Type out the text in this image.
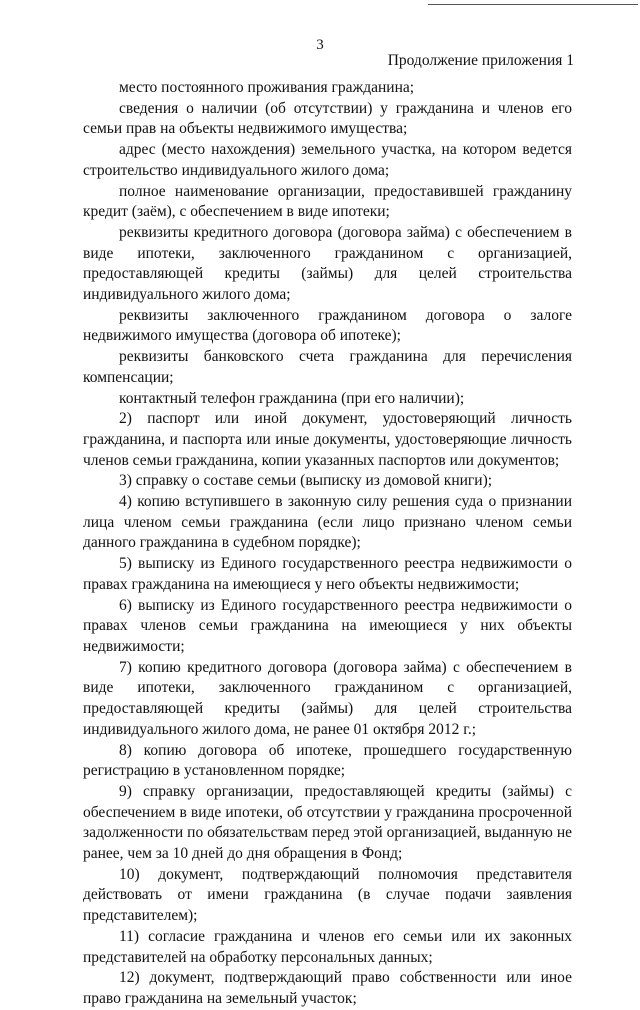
3
Продолжение приложения 1

место постоянного проживания гражданина;

сведения о наличии (об отсутствии) у гражданина и членов его семьи прав на объекты недвижимого имущества;

адрес (место нахождения) земельного участка, на котором ведется строительство индивидуального жилого дома;

полное наименование организации, предоставившей гражданину кредит (заём), с обеспечением в виде ипотеки;

реквизиты кредитного договора (договора займа) с обеспечением в виде ипотеки, заключенного гражданином с организацией, предоставляющей кредиты (займы) для целей строительства индивидуального жилого дома;

реквизиты заключенного гражданином договора о залоге недвижимого имущества (договора об ипотеке);

реквизиты банковского счета гражданина для перечисления компенсации;

контактный телефон гражданина (при его наличии);

2) паспорт или иной документ, удостоверяющий личность гражданина, и паспорта или иные документы, удостоверяющие личность членов семьи гражданина, копии указанных паспортов или документов;

3) справку о составе семьи (выписку из домовой книги);

4) копию вступившего в законную силу решения суда о признании лица членом семьи гражданина (если лицо признано членом семьи данного гражданина в судебном порядке);

5) выписку из Единого государственного реестра недвижимости о правах гражданина на имеющиеся у него объекты недвижимости;

6) выписку из Единого государственного реестра недвижимости о правах членов семьи гражданина на имеющиеся у них объекты недвижимости;

7) копию кредитного договора (договора займа) с обеспечением в виде ипотеки, заключенного гражданином с организацией, предоставляющей кредиты (займы) для целей строительства индивидуального жилого дома, не ранее 01 октября 2012 г.;

8) копию договора об ипотеке, прошедшего государственную регистрацию в установленном порядке;

9) справку организации, предоставляющей кредиты (займы) с обеспечением в виде ипотеки, об отсутствии у гражданина просроченной задолженности по обязательствам перед этой организацией, выданную не ранее, чем за 10 дней до дня обращения в Фонд;

10) документ, подтверждающий полномочия представителя действовать от имени гражданина (в случае подачи заявления представителем);

11) согласие гражданина и членов его семьи или их законных представителей на обработку персональных данных;

12) документ, подтверждающий право собственности или иное право гражданина на земельный участок;
